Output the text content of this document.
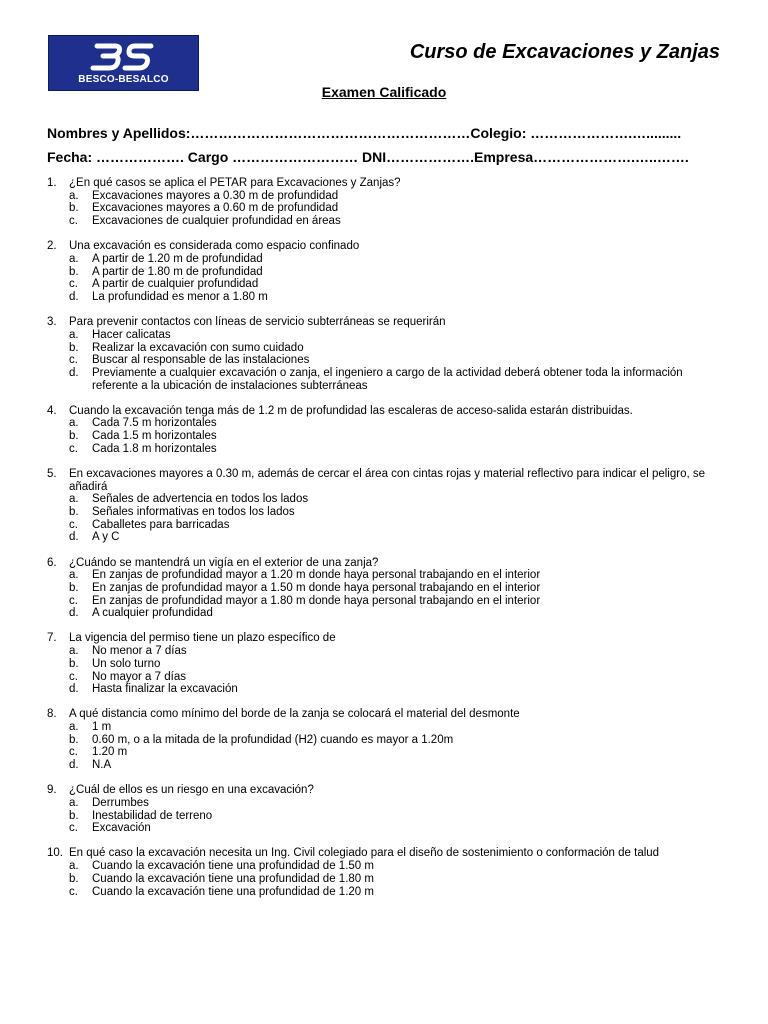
BESCO-BESALCO
Curso de Excavaciones y Zanjas
Examen Calificado
Nombres y Apellidos:……………………………………………………Colegio: ………………….….........
Fecha: ………………. Cargo ……………………… DNI……………….Empresa………………….…..…….
1.	¿En qué casos se aplica el PETAR para Excavaciones y Zanjas?
a.	Excavaciones mayores a 0.30 m de profundidad
b.	Excavaciones mayores a 0.60 m de profundidad
c.	Excavaciones de cualquier profundidad en áreas
2.	Una excavación es considerada como espacio confinado
a.	A partir de 1.20 m de profundidad
b.	A partir de 1.80 m de profundidad
c.	A partir de cualquier profundidad
d.	La profundidad es menor a 1.80 m
3.	Para prevenir contactos con líneas de servicio subterráneas se requerirán
a.	Hacer calicatas
b.	Realizar la excavación con sumo cuidado
c.	Buscar al responsable de las instalaciones
d.	Previamente a cualquier excavación o zanja, el ingeniero a cargo de la actividad deberá obtener toda la información referente a la ubicación de instalaciones subterráneas
4.	Cuando la excavación tenga más de 1.2 m de profundidad las escaleras de acceso-salida estarán distribuidas.
a.	Cada 7.5 m horizontales
b.	Cada 1.5 m horizontales
c.	Cada 1.8 m horizontales
5.	En excavaciones mayores a 0.30 m, además de cercar el área con cintas rojas y material reflectivo para indicar el peligro, se añadirá
a.	Señales de advertencia en todos los lados
b.	Señales informativas en todos los lados
c.	Caballetes para barricadas
d.	A y C
6.	¿Cuándo se mantendrá un vigía en el exterior de una zanja?
a.	En zanjas de profundidad mayor a 1.20 m donde haya personal trabajando en el interior
b.	En zanjas de profundidad mayor a 1.50 m donde haya personal trabajando en el interior
c.	En zanjas de profundidad mayor a 1.80 m donde haya personal trabajando en el interior
d.	A cualquier profundidad
7.	La vigencia del permiso tiene un plazo específico de
a.	No menor a 7 días
b.	Un solo turno
c.	No mayor a 7 días
d.	Hasta finalizar la excavación
8.	A qué distancia como mínimo del borde de la zanja se colocará el material del desmonte
a.	1 m
b.	0.60 m, o a la mitada de la profundidad (H2) cuando es mayor a 1.20m
c.	1.20 m
d.	N.A
9.	¿Cuál de ellos es un riesgo en una excavación?
a.	Derrumbes
b.	Inestabilidad de terreno
c.	Excavación
10. En qué caso la excavación necesita un Ing. Civil colegiado para el diseño de sostenimiento o conformación de talud
a.	Cuando la excavación tiene una profundidad de 1.50 m
b.	Cuando la excavación tiene una profundidad de 1.80 m
c.	Cuando la excavación tiene una profundidad de 1.20 m
